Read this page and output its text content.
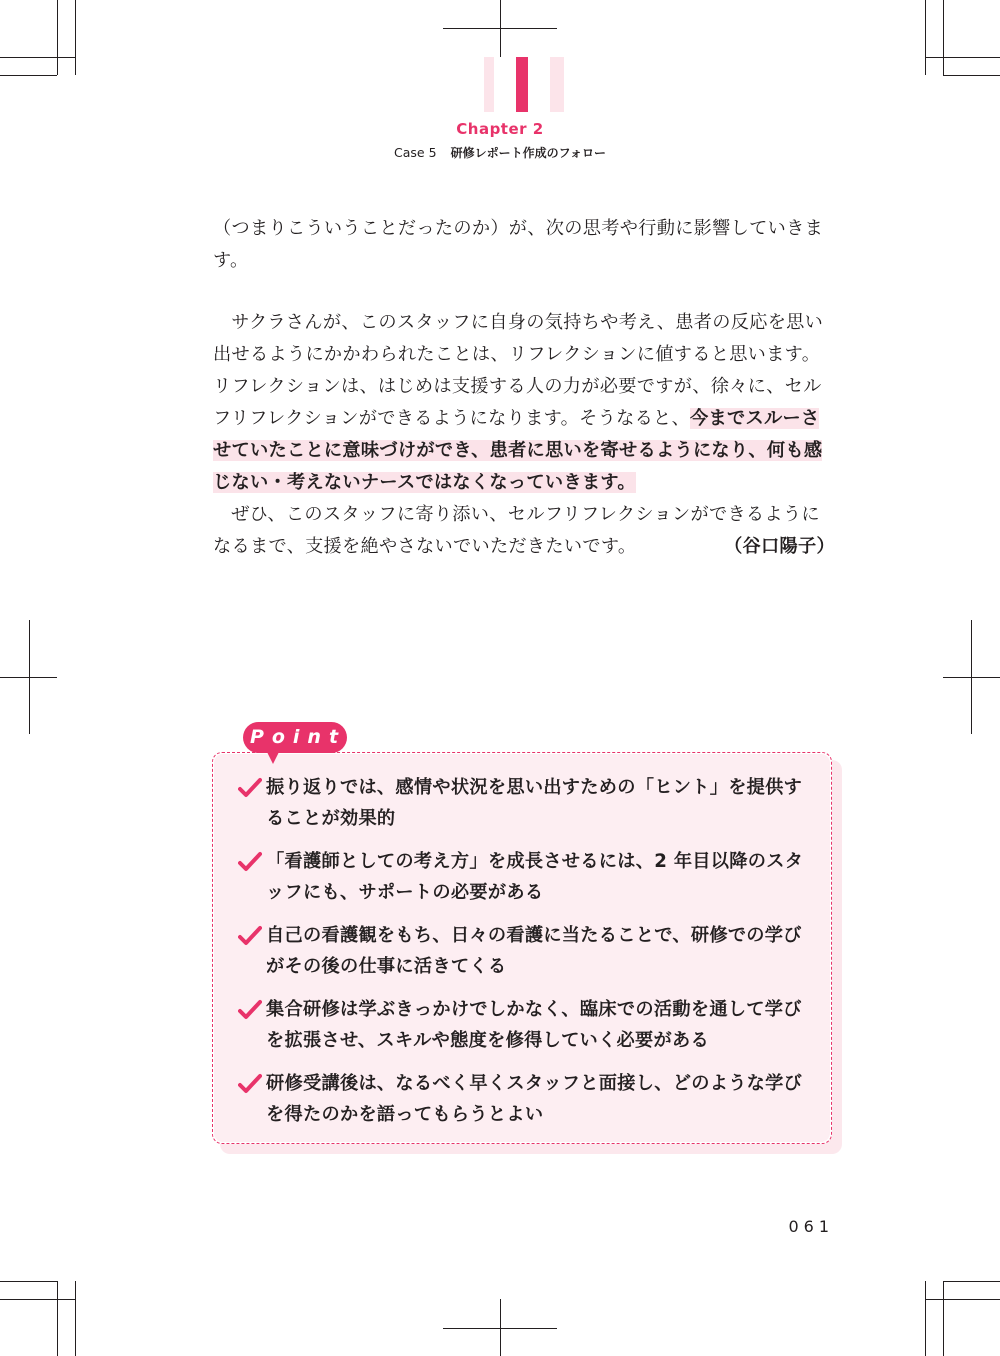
Chapter 2
Case 5 研修レポート作成のフォロー

（つまりこういうことだったのか）が、次の思考や行動に影響していきます。

サクラさんが、このスタッフに自身の気持ちや考え、患者の反応を思い出せるようにかかわられたことは、リフレクションに値すると思います。リフレクションは、はじめは支援する人の力が必要ですが、徐々に、セルフリフレクションができるようになります。そうなると、今までスルーさせていたことに意味づけができ、患者に思いを寄せるようになり、何も感じない・考えないナースではなくなっていきます。

ぜひ、このスタッフに寄り添い、セルフリフレクションができるようになるまで、支援を絶やさないでいただきたいです。	（谷口陽子）

Point
振り返りでは、感情や状況を思い出すための「ヒント」を提供することが効果的
「看護師としての考え方」を成長させるには、2 年目以降のスタッフにも、サポートの必要がある
自己の看護観をもち、日々の看護に当たることで、研修での学びがその後の仕事に活きてくる
集合研修は学ぶきっかけでしかなく、臨床での活動を通して学びを拡張させ、スキルや態度を修得していく必要がある
研修受講後は、なるべく早くスタッフと面接し、どのような学びを得たのかを語ってもらうとよい
061
